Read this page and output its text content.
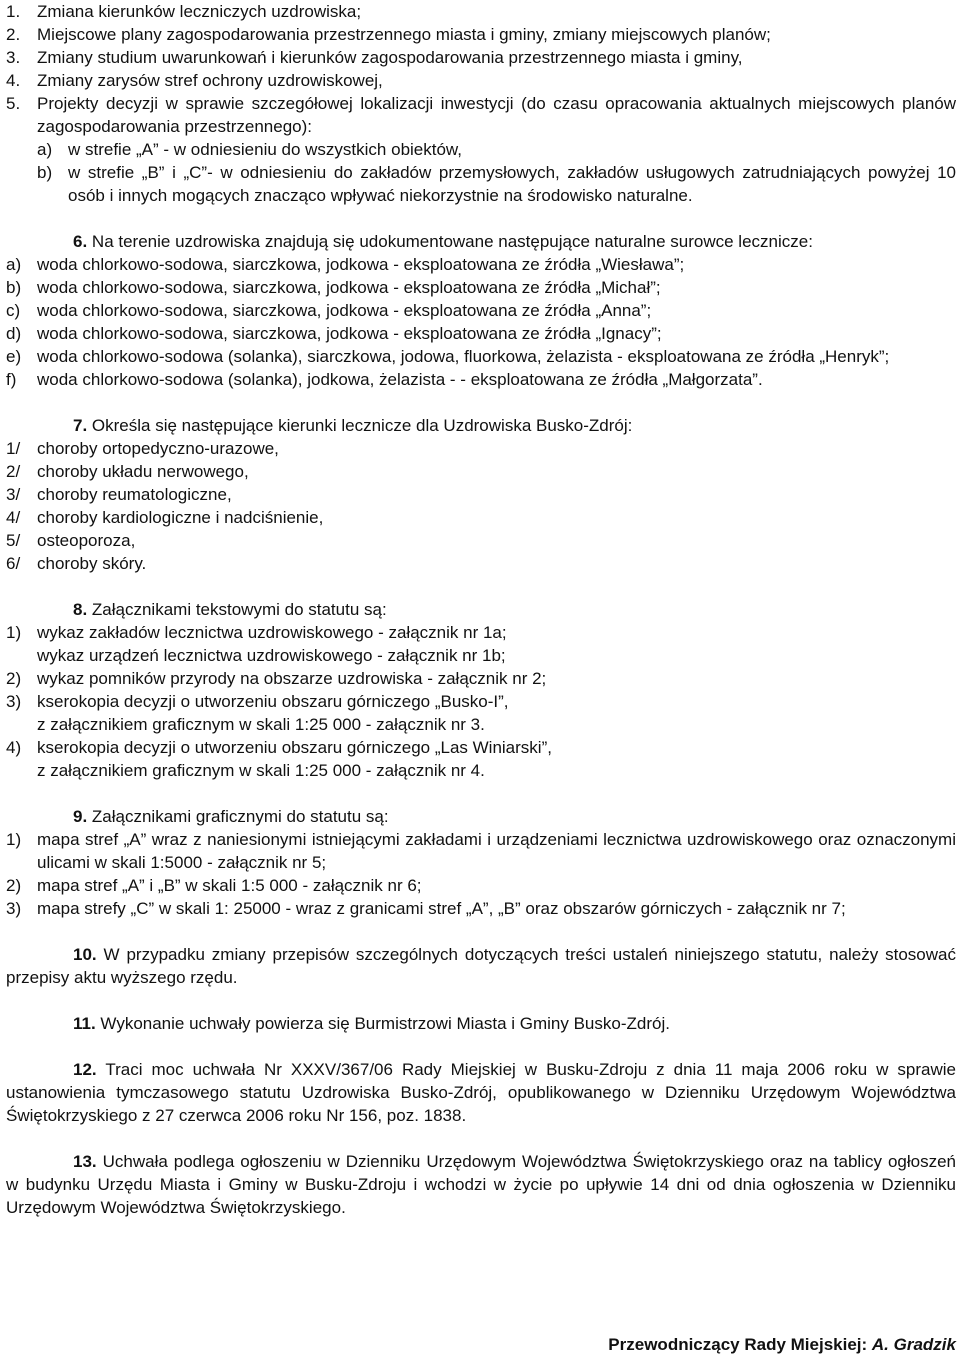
1. Zmiana kierunków leczniczych uzdrowiska;
2. Miejscowe plany zagospodarowania przestrzennego miasta i gminy, zmiany miejscowych planów;
3. Zmiany studium uwarunkowań i kierunków zagospodarowania przestrzennego miasta i gminy,
4. Zmiany zarysów stref ochrony uzdrowiskowej,
5. Projekty decyzji w sprawie szczegółowej lokalizacji inwestycji (do czasu opracowania aktualnych miejscowych planów zagospodarowania przestrzennego):
a) w strefie „A” - w odniesieniu do wszystkich obiektów,
b) w strefie „B” i „C”- w odniesieniu do zakładów przemysłowych, zakładów usługowych zatrudniających powyżej 10 osób i innych mogących znacząco wpływać niekorzystnie na środowisko naturalne.
6. Na terenie uzdrowiska znajdują się udokumentowane następujące naturalne surowce lecznicze:
a) woda chlorkowo-sodowa, siarczkowa, jodkowa - eksploatowana ze źródła „Wiesława”;
b) woda chlorkowo-sodowa, siarczkowa, jodkowa - eksploatowana ze źródła „Michał”;
c) woda chlorkowo-sodowa, siarczkowa, jodkowa - eksploatowana ze źródła „Anna”;
d) woda chlorkowo-sodowa, siarczkowa, jodkowa - eksploatowana ze źródła „Ignacy”;
e) woda chlorkowo-sodowa (solanka), siarczkowa, jodowa, fluorkowa, żelazista - eksploatowana ze źródła „Henryk”;
f)	woda chlorkowo-sodowa (solanka), jodkowa, żelazista - - eksploatowana ze źródła „Małgorzata”.
7. Określa się następujące kierunki lecznicze dla Uzdrowiska Busko-Zdrój:
1/ choroby ortopedyczno-urazowe,
2/ choroby układu nerwowego,
3/ choroby reumatologiczne,
4/ choroby kardiologiczne i nadciśnienie,
5/ osteoporoza,
6/ choroby skóry.
8. Załącznikami tekstowymi do statutu są:
1) wykaz zakładów lecznictwa uzdrowiskowego - załącznik nr 1a;
wykaz urządzeń lecznictwa uzdrowiskowego - załącznik nr 1b;
2) wykaz pomników przyrody na obszarze uzdrowiska - załącznik nr 2;
3) kserokopia decyzji o utworzeniu obszaru górniczego „Busko-I”,
z załącznikiem graficznym w skali 1:25 000 - załącznik nr 3.
4) kserokopia decyzji o utworzeniu obszaru górniczego „Las Winiarski”,
z załącznikiem graficznym w skali 1:25 000 - załącznik nr 4.
9. Załącznikami graficznymi do statutu są:
1) mapa stref „A” wraz z naniesionymi istniejącymi zakładami i urządzeniami lecznictwa uzdrowiskowego oraz oznaczonymi ulicami w skali 1:5000 - załącznik nr 5;
2) mapa stref „A” i „B” w skali 1:5 000 - załącznik nr 6;
3) mapa strefy „C” w skali 1: 25000 - wraz z granicami stref „A”, „B” oraz obszarów górniczych - załącznik nr 7;
10. W przypadku zmiany przepisów szczególnych dotyczących treści ustaleń niniejszego statutu, należy stosować przepisy aktu wyższego rzędu.
11. Wykonanie uchwały powierza się Burmistrzowi Miasta i Gminy Busko-Zdrój.
12. Traci moc uchwała Nr XXXV/367/06 Rady Miejskiej w Busku-Zdroju z dnia 11 maja 2006 roku w sprawie ustanowienia tymczasowego statutu Uzdrowiska Busko-Zdrój, opublikowanego w Dzienniku Urzędowym Województwa Świętokrzyskiego z 27 czerwca 2006 roku Nr 156, poz. 1838.
13. Uchwała podlega ogłoszeniu w Dzienniku Urzędowym Województwa Świętokrzyskiego oraz na tablicy ogłoszeń w budynku Urzędu Miasta i Gminy w Busku-Zdroju i wchodzi w życie po upływie 14 dni od dnia ogłoszenia w Dzienniku Urzędowym Województwa Świętokrzyskiego.
Przewodniczący Rady Miejskiej: A. Gradzik
